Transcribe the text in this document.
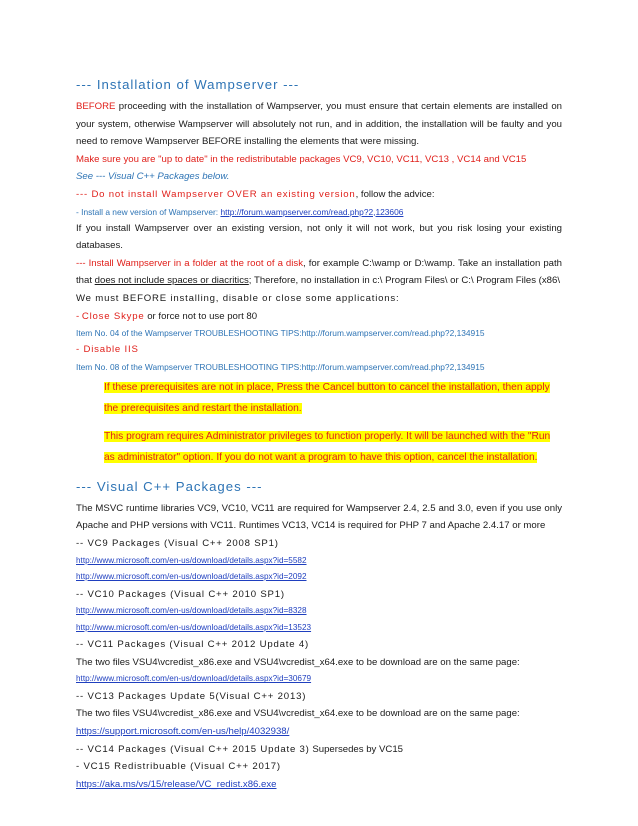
--- Installation of Wampserver ---

BEFORE proceeding with the installation of Wampserver, you must ensure that certain elements are installed on your system, otherwise Wampserver will absolutely not run, and in addition, the installation will be faulty and you need to remove Wampserver BEFORE installing the elements that were missing.

Make sure you are "up to date" in the redistributable packages VC9, VC10, VC11, VC13 , VC14 and VC15

See --- Visual C++ Packages below.

--- Do not install Wampserver OVER an existing version, follow the advice:

- Install a new version of Wampserver: http://forum.wampserver.com/read.php?2,123606

If you install Wampserver over an existing version, not only it will not work, but you risk losing your existing databases.

--- Install Wampserver in a folder at the root of a disk, for example C:\wamp or D:\wamp. Take an installation path that does not include spaces or diacritics; Therefore, no installation in c:\ Program Files\ or C:\ Program Files (x86\

We must BEFORE installing, disable or close some applications:

- Close Skype or force not to use port 80

Item No. 04 of the Wampserver TROUBLESHOOTING TIPS:http://forum.wampserver.com/read.php?2,134915

- Disable IIS

Item No. 08 of the Wampserver TROUBLESHOOTING TIPS:http://forum.wampserver.com/read.php?2,134915

If these prerequisites are not in place, Press the Cancel button to cancel the installation, then apply the prerequisites and restart the installation.

This program requires Administrator privileges to function properly. It will be launched with the "Run as administrator" option. If you do not want a program to have this option, cancel the installation.

--- Visual C++ Packages ---

The MSVC runtime libraries VC9, VC10, VC11 are required for Wampserver 2.4, 2.5 and 3.0, even if you use only Apache and PHP versions with VC11. Runtimes VC13, VC14 is required for PHP 7 and Apache 2.4.17 or more

-- VC9 Packages (Visual C++ 2008 SP1)

http://www.microsoft.com/en-us/download/details.aspx?id=5582

http://www.microsoft.com/en-us/download/details.aspx?id=2092

-- VC10 Packages (Visual C++ 2010 SP1)

http://www.microsoft.com/en-us/download/details.aspx?id=8328

http://www.microsoft.com/en-us/download/details.aspx?id=13523

-- VC11 Packages (Visual C++ 2012 Update 4)

The two files VSU4\vcredist_x86.exe and VSU4\vcredist_x64.exe to be download are on the same page:

http://www.microsoft.com/en-us/download/details.aspx?id=30679

-- VC13 Packages Update 5(Visual C++ 2013)

The two files VSU4\vcredist_x86.exe and VSU4\vcredist_x64.exe to be download are on the same page:

https://support.microsoft.com/en-us/help/4032938/

-- VC14 Packages (Visual C++ 2015 Update 3) Supersedes by VC15

- VC15 Redistribuable (Visual C++ 2017)

https://aka.ms/vs/15/release/VC_redist.x86.exe
